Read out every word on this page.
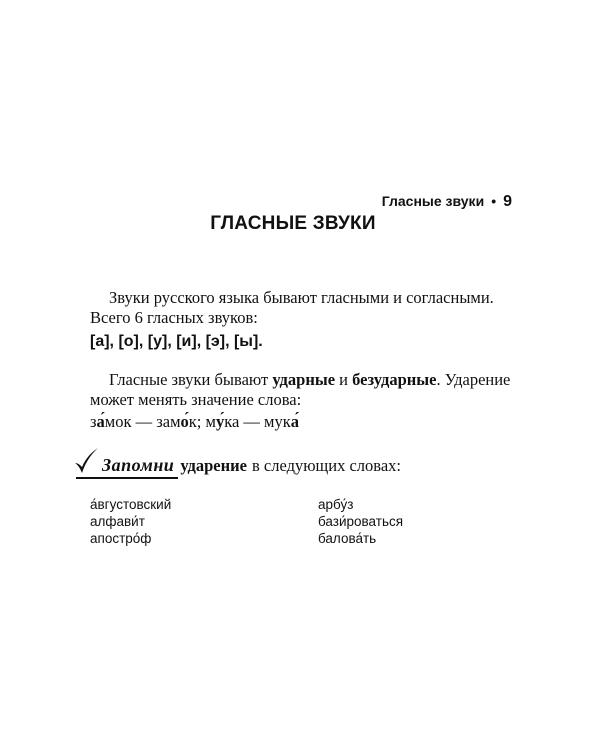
Гласные звуки • 9
ГЛАСНЫЕ ЗВУКИ
Звуки русского языка бывают гласными и согласными.
Всего 6 гласных звуков:
[а], [о], [у], [и], [э], [ы].
Гласные звуки бывают ударные и безударные. Ударение
может менять значение слова:
за́мок — замо́к; му́ка — мука́
Запомни ударение в следующих словах:
а́вгустовский
алфави́т
апостро́ф
арбу́з
бази́роваться
балова́ть
